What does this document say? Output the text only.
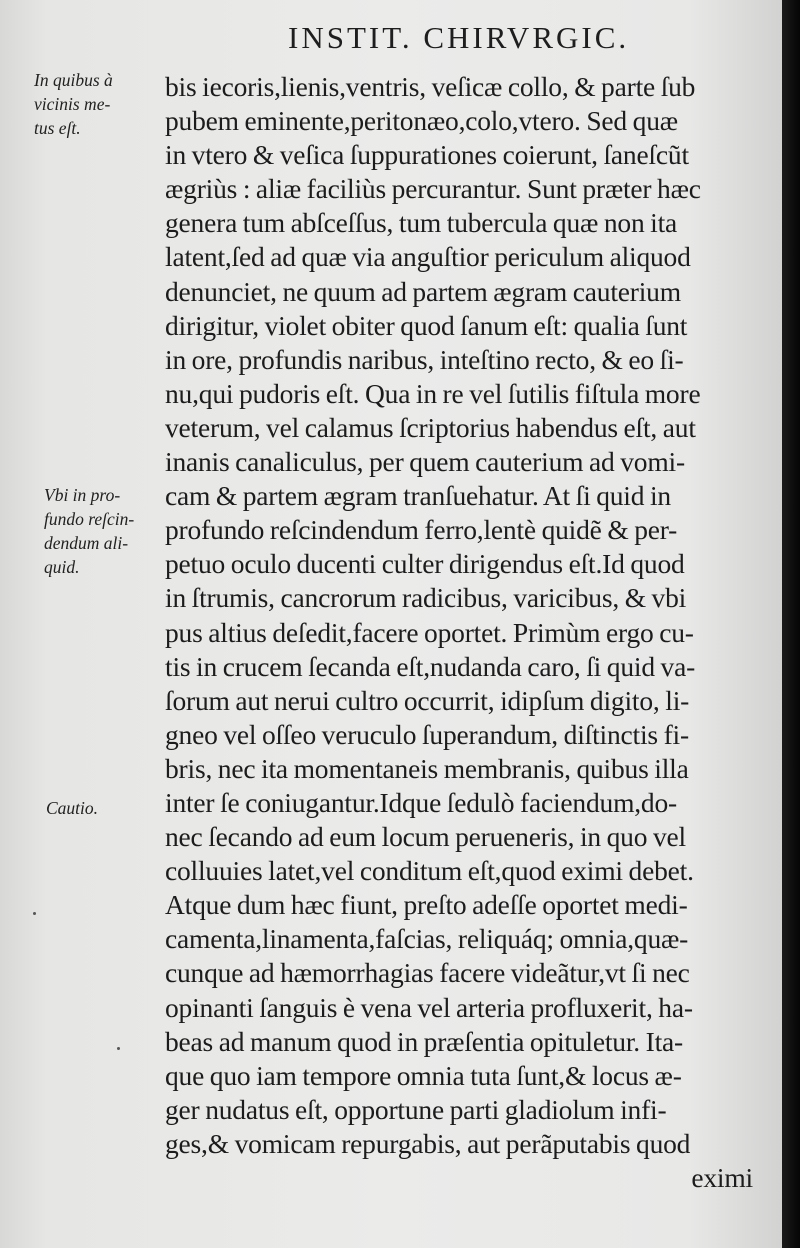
INSTIT. CHIRVRGIC.
In quibus à
vicinis me-
tus eſt.
Vbi in pro-
fundo reſcin-
dendum ali-
quid.
Cautio.
bis iecoris,lienis,ventris, veſicæ collo, & parte ſub
pubem eminente,peritonæo,colo,vtero. Sed quæ
in vtero & veſica ſuppurationes coierunt, ſaneſcũt
ægriùs : aliæ faciliùs percurantur. Sunt præter hæc
genera tum abſceſſus, tum tubercula quæ non ita
latent,ſed ad quæ via anguſtior periculum aliquod
denunciet, ne quum ad partem ægram cauterium
dirigitur, violet obiter quod ſanum eſt: qualia ſunt
in ore, profundis naribus, inteſtino recto, & eo ſi-
nu,qui pudoris eſt. Qua in re vel ſutilis fiſtula more
veterum, vel calamus ſcriptorius habendus eſt, aut
inanis canaliculus, per quem cauterium ad vomi-
cam & partem ægram tranſuehatur. At ſi quid in
profundo reſcindendum ferro,lentè quidẽ & per-
petuo oculo ducenti culter dirigendus eſt.Id quod
in ſtrumis, cancrorum radicibus, varicibus, & vbi
pus altius deſedit,facere oportet. Primùm ergo cu-
tis in crucem ſecanda eſt,nudanda caro, ſi quid va-
ſorum aut nerui cultro occurrit, idipſum digito, li-
gneo vel oſſeo veruculo ſuperandum, diſtinctis fi-
bris, nec ita momentaneis membranis, quibus illa
inter ſe coniugantur.Idque ſedulò faciendum,do-
nec ſecando ad eum locum perueneris, in quo vel
colluuies latet,vel conditum eſt,quod eximi debet.
Atque dum hæc fiunt, preſto adeſſe oportet medi-
camenta,linamenta,faſcias, reliquáq; omnia,quæ-
cunque ad hæmorrhagias facere videãtur,vt ſi nec
opinanti ſanguis è vena vel arteria profluxerit, ha-
beas ad manum quod in præſentia opituletur. Ita-
que quo iam tempore omnia tuta ſunt,& locus æ-
ger nudatus eſt, opportune parti gladiolum infi-
ges,& vomicam repurgabis, aut perãputabis quod
eximi
